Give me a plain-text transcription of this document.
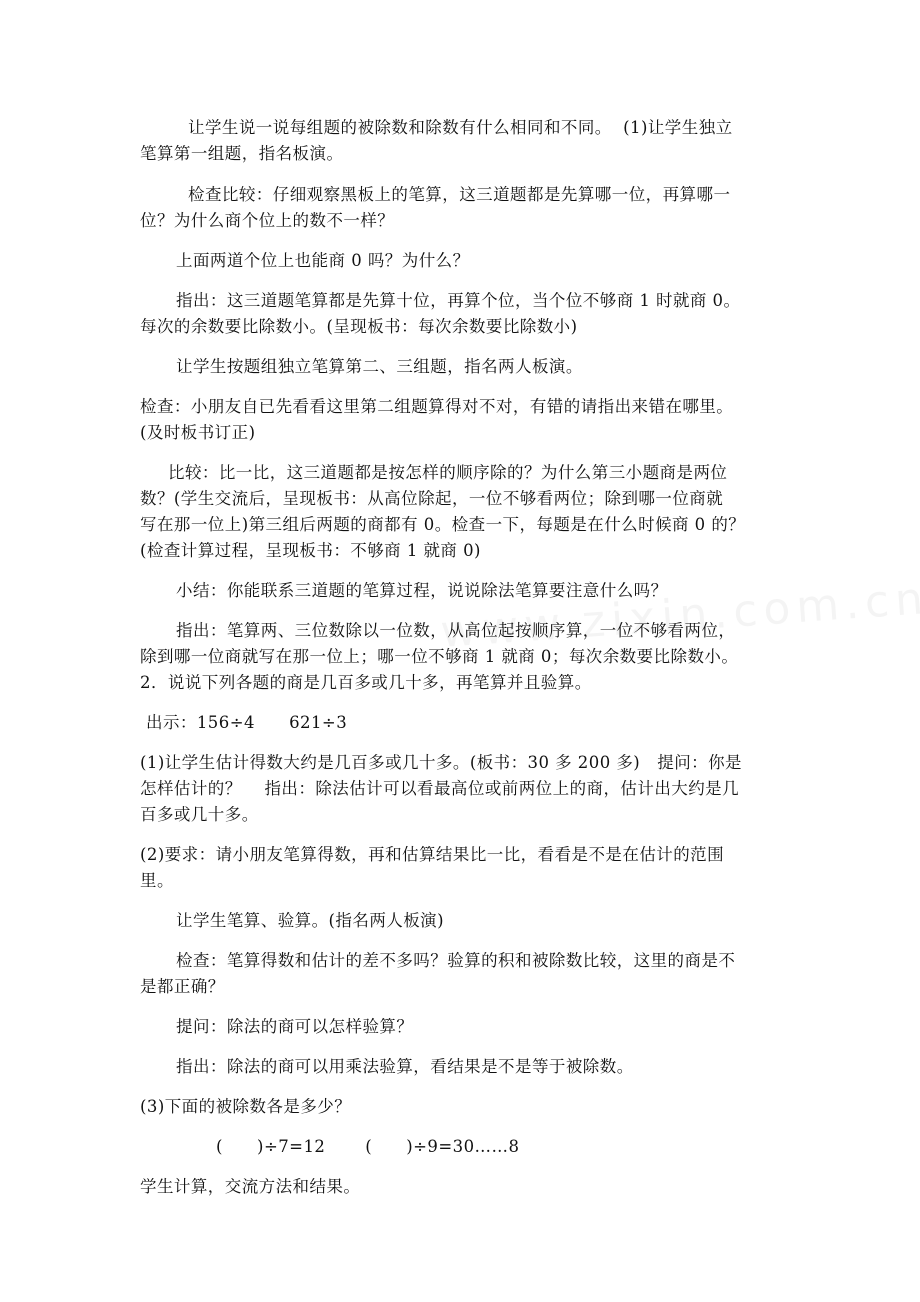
让学生说一说每组题的被除数和除数有什么相同和不同。  (1)让学生独立
笔算第一组题，指名板演。
检查比较：仔细观察黑板上的笔算，这三道题都是先算哪一位，再算哪一
位？为什么商个位上的数不一样？
上面两道个位上也能商 0 吗？为什么？
指出：这三道题笔算都是先算十位，再算个位，当个位不够商 1 时就商 0。
每次的余数要比除数小。(呈现板书：每次余数要比除数小)
让学生按题组独立笔算第二、三组题，指名两人板演。
检查：小朋友自已先看看这里第二组题算得对不对，有错的请指出来错在哪里。
(及时板书订正)
比较：比一比，这三道题都是按怎样的顺序除的？为什么第三小题商是两位
数？(学生交流后，呈现板书：从高位除起，一位不够看两位；除到哪一位商就
写在那一位上)第三组后两题的商都有 0。检查一下，每题是在什么时候商 0 的？
(检查计算过程，呈现板书：不够商 1 就商 0)
小结：你能联系三道题的笔算过程，说说除法笔算要注意什么吗？
指出：笔算两、三位数除以一位数，从高位起按顺序算，一位不够看两位，
除到哪一位商就写在那一位上；哪一位不够商 1 就商 0；每次余数要比除数小。
2．说说下列各题的商是几百多或几十多，再笔算并且验算。
出示：156÷4      621÷3
(1)让学生估计得数大约是几百多或几十多。(板书：30 多 200 多)   提问：你是
怎样估计的？    指出：除法估计可以看最高位或前两位上的商，估计出大约是几
百多或几十多。
(2)要求：请小朋友笔算得数，再和估算结果比一比，看看是不是在估计的范围
里。
让学生笔算、验算。(指名两人板演)
检查：笔算得数和估计的差不多吗？验算的积和被除数比较，这里的商是不
是都正确？
提问：除法的商可以怎样验算？
指出：除法的商可以用乘法验算，看结果是不是等于被除数。
(3)下面的被除数各是多少？
(      )÷7=12       (      )÷9=30……8
学生计算，交流方法和结果。
